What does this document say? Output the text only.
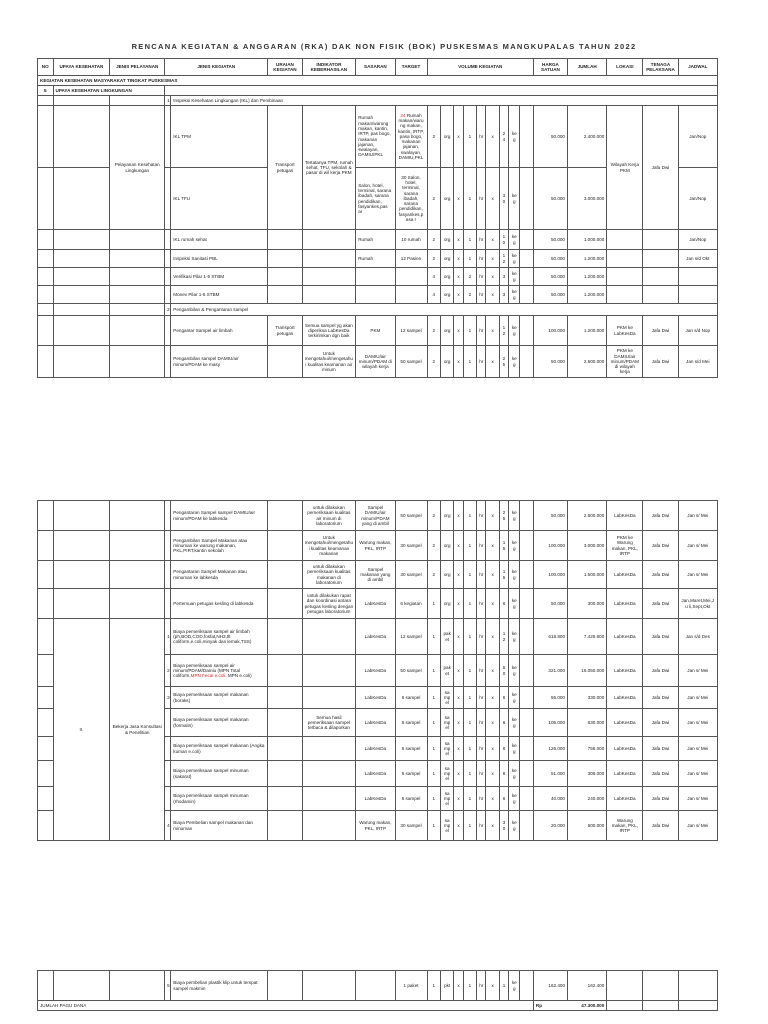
RENCANA KEGIATAN & ANGGARAN (RKA) DAK NON FISIK (BOK) PUSKESMAS MANGKUPALAS TAHUN 2022
NO	UPAYA KESEHATAN	JENIS PELAYANAN	JENIS KEGIATAN		URAIAN KEGIATAN	INDIKATOR KEBERHASILAN	SASARAN	TARGET	VOLUME KEGIATAN									HARGA SATUAN	JUMLAH	LOKASI	TENAGA PELAKSANA	JADWAL
KEGIATAN KESEHATAN MASYARAKAT TINGKAT PUSKESMAS																						
5	UPAYA KESEHATAN LINGKUNGAN																					
			1	Inspeksi Kesehatan Lingkungan (IKL) dan Pembinaan																		
		Pelayanan Kesehatan Lingkungan		IKL TPM	Transport petugas	Tertatanya TPM, rumah sehat, TFU, sekolah & pasar di wil kerja PKM	Rumah makan/warung makan, kantin, IRTP, pas bogo, makanan jajanan, swalayan, DAMIU/PKL	24 Rumah makan/warung makan, kantin, IRTP, pasa bogo, makanan jajanan, swalayan, DAMIU,PKL	2	org	x	1	hr	x	24	keg		50.000	2.400.000	Wilayah Kerja PKM	Jafa Dwi	Jan/Nop
				IKL TFU			Salon, hotel, terminal, sarana ibadah, sarana pendidikan, fasyankes,pas ar	30 Salon, hotel, terminal, sarana ibadah, sarana pendidikan, fasyankes,pasa r	2	org	x	1	hr	x	30	keg		50.000	3.000.000			Jan/Nop
				IKL rumah sehat			Rumah	10 rumah	2	org	x	1	hr	x	10	keg		50.000	1.000.000			Jan/Nop
				Inspeksi Sanitasi PBL			Rumah	12 Pasien	2	org	x	1	hr	x	12	keg		50.000	1.200.000			Jan s/d Okt
				Verifikasi Pilar 1-5 STBM					4	org	x	2	hr	x	3	keg		50.000	1.200.000			
				Monev Pilar 1-5 STBM					4	org	x	2	hr	x	3	keg		50.000	1.200.000			
			2	Pengambilan & Pengantaran sampel																		
				Pengantar Sampel air limbah	Transport petugas	Semua sampel yg akan diperiksa LabKesDa terkirimkan dgn baik	PKM	12 sampel	2	org	x	1	hr	x	12	keg		100.000	1.200.000	PKM ke LabKesDa	Jafa Dwi	Jan s/d Nop
				Pengambilan sampel DAMIU/air minum/PDAM ke masy		Untuk mengetahui/mengetahui kualitas keamanan air minum	DAMIU/air minum/PDAM di wilayah kerja	50 sampel	2	org	x	1	hr	x	25	keg		50.000	2.500.000	PKM ke DAMIU/air minum/PDAM di wilayah kerja	Jafa Dwi	Jan s/d Mei
				Pengantaran Sampel sampel DAMIU/air minum/PDAM ke labkesda		untuk dilakukan pemeriksaan kualitas air minum di laboratorium	Sampel DAMIU/air minum/PDAM yang di ambil	50 sampel	2	org	x	1	hr	x	25	keg		50.000	2.500.000	LabKesDa	Jafa Dwi	Jan s/ Mei
				Pengambilan Sampel Makanan atau minuman ke warung makanan, PKL,PIRT,kantin sekolah		Untuk mengetahui/mengetahui kualitas keamanan makanan	Warung makan, PKL, IRTP	30 sampel	2	org	x	1	hr	x	15	keg		100.000	3.000.000	PKM ke Warung makan, PKL, IRTP	Jafa Dwi	Jan s/ Mei
				Pengantaran Sampel Makanan atau minuman ke labkesda		untuk dilakukan pemeriksaan kualitas makanan di laboratorium	Sampel makanan yang di ambil	30 sampel	2	org	x	1	hr	x	15	keg		100.000	1.500.000	LabKesDa	Jafa Dwi	Jan s/ Mei
				Pertemuan petugas kesling di labkesda		untuk dilakukan rapat dan koordinasi antara petugas kesling dengan petugas laboratorium	LabKesDa	6 kegiatan	1	org	x	1	hr	x	6	keg		50.000	300.000	LabKesDa	Jafa Dwi	Jan,Maret,Mei,Ju li,Sept,Okt
	II.	Bekerja Jasa Konsultasi & Penelitian	1	Biaya pemeriksaan sampel air limbah (ph,BOD,COD,fosfat,NH3,tlt coliform,e.coli,minyak dan lemak,TSS)			LabKesDa	12 sampel	1	paket	x	1	hr	x	12	keg		618.800	7.425.600	LabKesDa	Jafa Dwi	Jan s/d Des
			2	Biaya pemeriksaan sampel air minum/PDAM/Damiu (MPN Total coliform,MPN Fecal e.coli, MPN e.coli)			LabKesDa	50 sampel	1	paket	x	1	hr	x	50	keg		321.000	16.050.000	LabKesDa	Jafa Dwi	Jan s/ Mei
			3	Biaya pemeriksaan sampel makanan (boraks)			LabKesDa	6 sampel	1	sampel	x	1	hr	x	6	keg		55.000	330.000	LabKesDa	Jafa Dwi	Jan s/ Mei
				Biaya pemeriksaan sampel makanan (formalin)		Semua hasil pemeriksaan sampel terbaca & dilaporkan	LabKesDa	6 sampel	1	sampel	x	1	hr	x	6	keg		105.000	630.000	LabKesDa	Jafa Dwi	Jan s/ Mei
				Biaya pemeriksaan sampel makanan (Angka kuman e.coli)			LabKesDa	6 sampel	1	sampel	x	1	hr	x	6	keg		126.000	756.000	LabKesDa	Jafa Dwi	Jan s/ Mei
				Biaya pemeriksaan sampel minuman (sakarat)			LabKesDa	6 sampel	1	sampel	x	1	hr	x	6	keg		51.000	306.000	LabKesDa	Jafa Dwi	Jan s/ Mei
				Biaya pemeriksaan sampel minuman (rhodamin)			LabKesDa	6 sampel	1	sampel	x	1	hr	x	6	keg		40.000	240.000	LabKesDa	Jafa Dwi	Jan s/ Mei
			4	Biaya Pembelian sampel makanan dan minuman			Warung makan, PKL, IRTP	30 sampel	1	sampel	x	1	hr	x	30	keg		20.000	600.000	Warung makan, PKL, IRTP	Jafa Dwi	Jan s/ Mei
			5	Biaya pembelian plastik klip untuk tempat sampel makmin				1 paket	1	pkt	x	1	hr	x	1	keg		162.400	162.400			
JUMLAH PAGU DANA																		Rp 47.300.000				
